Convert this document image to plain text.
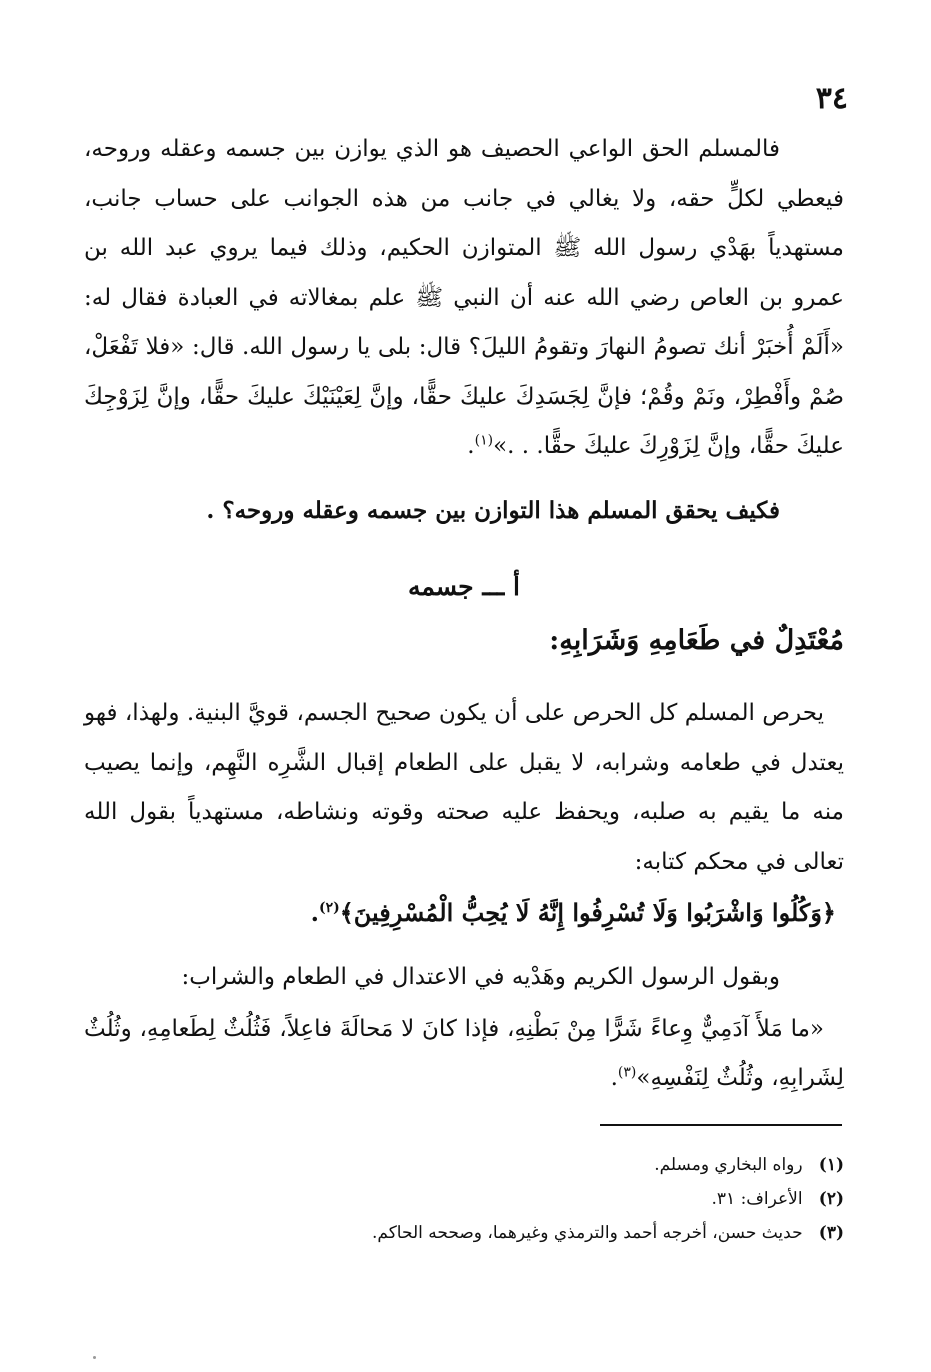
٣٤

فالمسلم الحق الواعي الحصيف هو الذي يوازن بين جسمه وعقله وروحه، فيعطي لكلٍّ حقه، ولا يغالي في جانب من هذه الجوانب على حساب جانب، مستهدياً بهَدْي رسول الله ﷺ المتوازن الحكيم، وذلك فيما يروي عبد الله بن عمرو بن العاص رضي الله عنه أن النبي ﷺ علم بمغالاته في العبادة فقال له: «أَلَمْ أُخبَرْ أنك تصومُ النهارَ وتقومُ الليلَ؟ قال: بلى يا رسول الله. قال: «فلا تَفْعَلْ، صُمْ وأَفْطِرْ، ونَمْ وقُمْ؛ فإنَّ لِجَسَدِكَ عليكَ حقًّا، وإنَّ لِعَيْنَيْكَ عليكَ حقًّا، وإنَّ لِزَوْجِكَ عليكَ حقًّا، وإنَّ لِزَوْرِكَ عليكَ حقًّا. . .»$^{(١)}$.

فكيف يحقق المسلم هذا التوازن بين جسمه وعقله وروحه؟ .

أ ـــ جسمه
مُعْتَدِلٌ في طَعَامِهِ وَشَرَابِهِ:

يحرص المسلم كل الحرص على أن يكون صحيح الجسم، قويَّ البنية. ولهذا، فهو يعتدل في طعامه وشرابه، لا يقبل على الطعام إقبال الشَّرِه النَّهِم، وإنما يصيب منه ما يقيم به صلبه، ويحفظ عليه صحته وقوته ونشاطه، مستهدياً بقول الله تعالى في محكم كتابه:

﴿وَكُلُوا وَاشْرَبُوا وَلَا تُسْرِفُوا إِنَّهُ لَا يُحِبُّ الْمُسْرِفِينَ﴾$^{(٢)}$.

وبقول الرسول الكريم وهَدْيه في الاعتدال في الطعام والشراب:

«ما مَلأَ آدَمِيٌّ وِعاءً شَرًّا مِنْ بَطْنِهِ، فإذا كانَ لا مَحالَةَ فاعِلاً، فَثُلُثٌ لِطَعامِهِ، وثُلُثٌ لِشَرابِهِ، وثُلُثٌ لِنَفْسِهِ»$^{(٣)}$.

(١) رواه البخاري ومسلم.
(٢) الأعراف: ٣١.
(٣) حديث حسن، أخرجه أحمد والترمذي وغيرهما، وصححه الحاكم.
